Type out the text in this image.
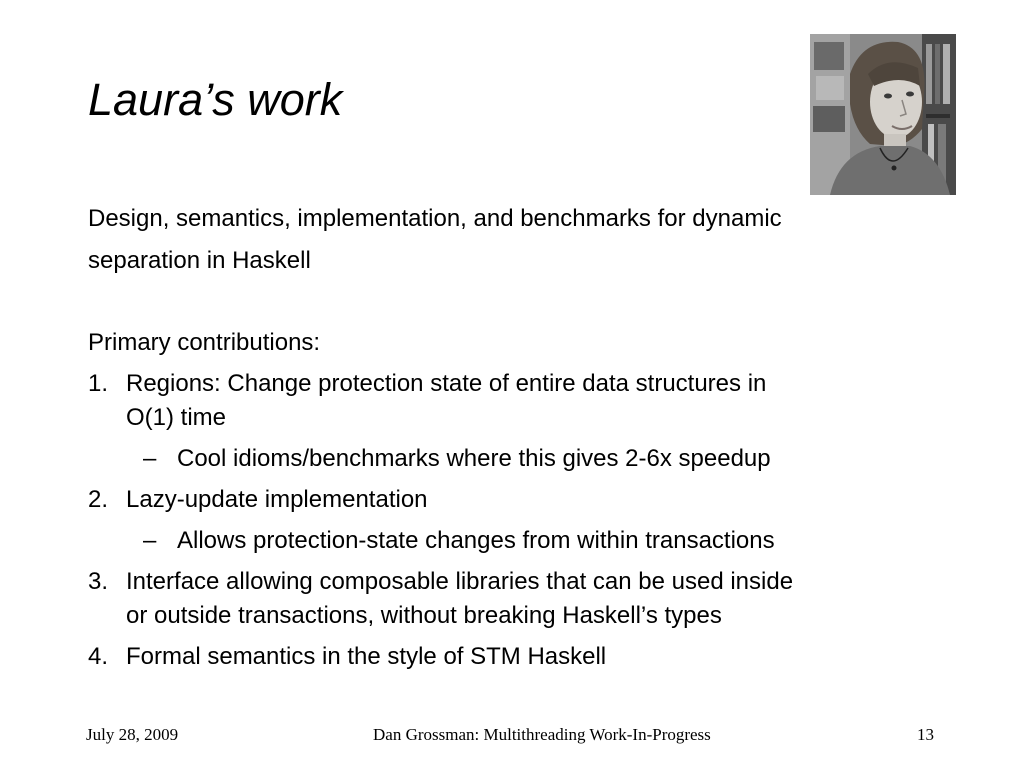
Laura’s work
Design, semantics, implementation, and benchmarks for dynamic
separation in Haskell
Primary contributions:
1. Regions: Change protection state of entire data structures in
O(1) time
– Cool idioms/benchmarks where this gives 2-6x speedup
2. Lazy-update implementation
– Allows protection-state changes from within transactions
3. Interface allowing composable libraries that can be used inside
or outside transactions, without breaking Haskell’s types
4. Formal semantics in the style of STM Haskell
July 28, 2009	Dan Grossman: Multithreading Work-In-Progress	13
